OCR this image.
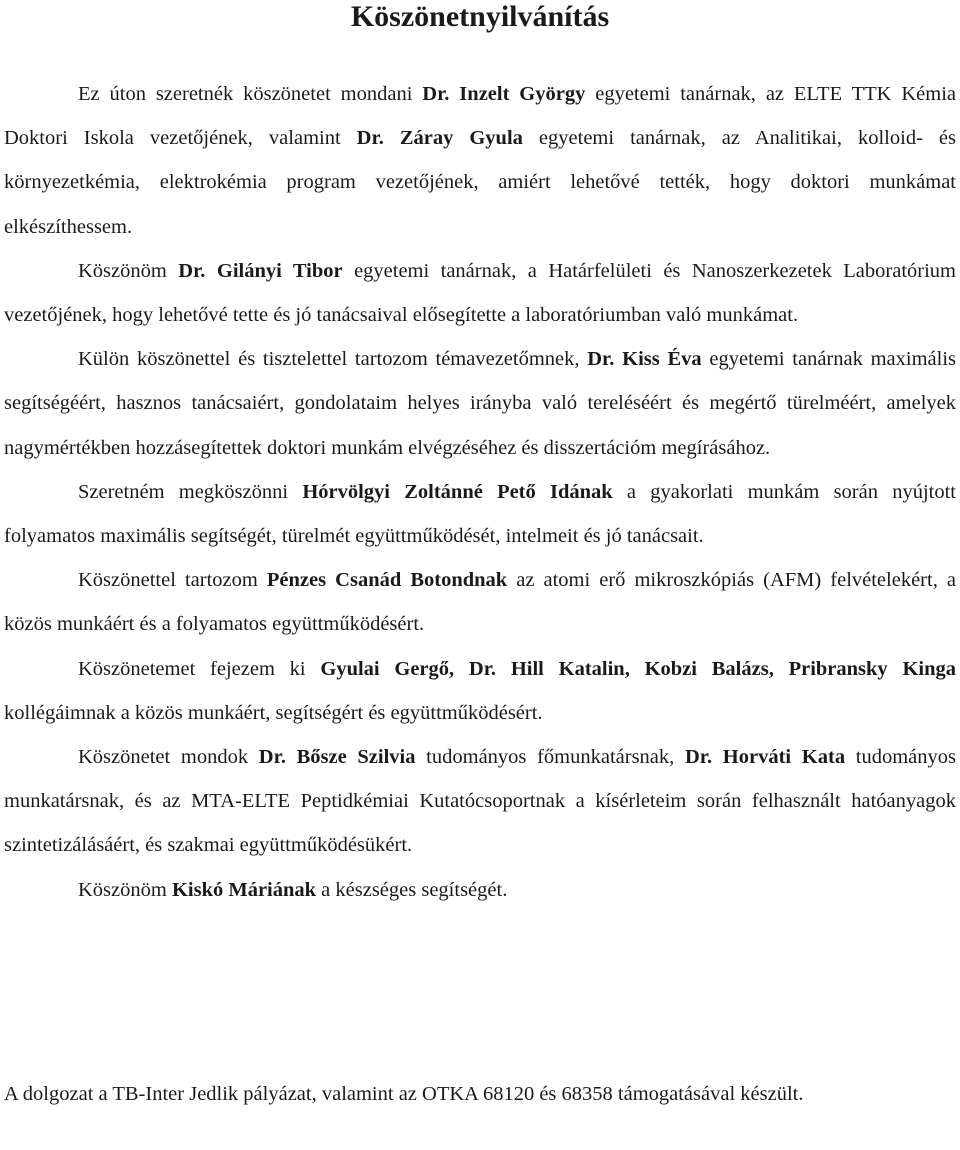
Köszönetnyilvánítás

Ez úton szeretnék köszönetet mondani Dr. Inzelt György egyetemi tanárnak, az ELTE TTK Kémia Doktori Iskola vezetőjének, valamint Dr. Záray Gyula egyetemi tanárnak, az Analitikai, kolloid- és környezetkémia, elektrokémia program vezetőjének, amiért lehetővé tették, hogy doktori munkámat elkészíthessem.

Köszönöm Dr. Gilányi Tibor egyetemi tanárnak, a Határfelületi és Nanoszerkezetek Laboratórium vezetőjének, hogy lehetővé tette és jó tanácsaival elősegítette a laboratóriumban való munkámat.

Külön köszönettel és tisztelettel tartozom témavezetőmnek, Dr. Kiss Éva egyetemi tanárnak maximális segítségéért, hasznos tanácsaiért, gondolataim helyes irányba való tereléséért és megértő türelméért, amelyek nagymértékben hozzásegítettek doktori munkám elvégzéséhez és disszertációm megírásához.

Szeretném megköszönni Hórvölgyi Zoltánné Pető Idának a gyakorlati munkám során nyújtott folyamatos maximális segítségét, türelmét együttműködését, intelmeit és jó tanácsait.

Köszönettel tartozom Pénzes Csanád Botondnak az atomi erő mikroszkópiás (AFM) felvételekért, a közös munkáért és a folyamatos együttműködésért.

Köszönetemet fejezem ki Gyulai Gergő, Dr. Hill Katalin, Kobzi Balázs, Pribransky Kinga kollégáimnak a közös munkáért, segítségért és együttműködésért.

Köszönetet mondok Dr. Bősze Szilvia tudományos főmunkatársnak, Dr. Horváti Kata tudományos munkatársnak, és az MTA-ELTE Peptidkémiai Kutatócsoportnak a kísérleteim során felhasznált hatóanyagok szintetizálásáért, és szakmai együttműködésükért.

Köszönöm Kiskó Máriának a készséges segítségét.

A dolgozat a TB-Inter Jedlik pályázat, valamint az OTKA 68120 és 68358 támogatásával készült.
